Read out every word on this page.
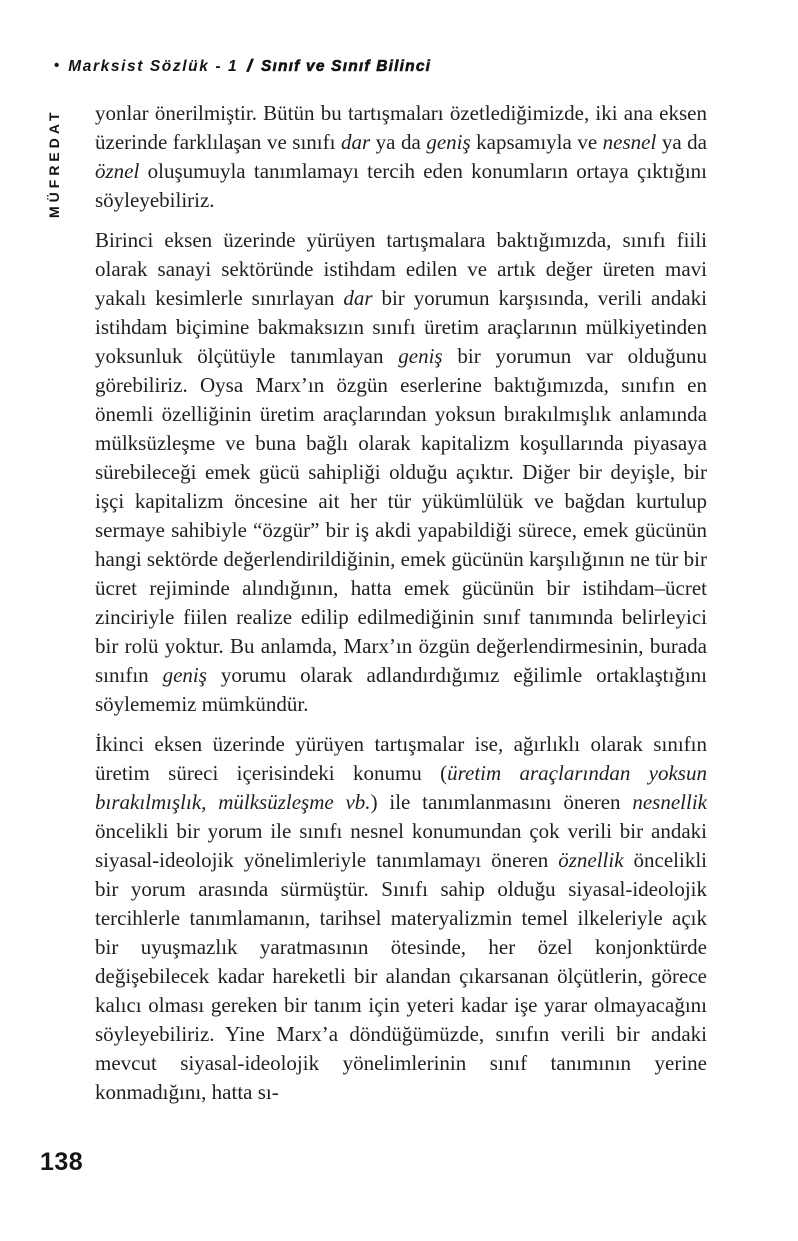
• Marksist Sözlük - 1 / Sınıf ve Sınıf Bilinci
MÜFREDAT yonlar önerilmiştir. Bütün bu tartışmaları özetlediğimizde, iki ana eksen üzerinde farklılaşan ve sınıfı dar ya da geniş kapsamıyla ve nesnel ya da öznel oluşumuyla tanımlamayı tercih eden konumların ortaya çıktığını söyleyebiliriz.

Birinci eksen üzerinde yürüyen tartışmalara baktığımızda, sınıfı fiili olarak sanayi sektöründe istihdam edilen ve artık değer üreten mavi yakalı kesimlerle sınırlayan dar bir yorumun karşısında, verili andaki istihdam biçimine bakmaksızın sınıfı üretim araçlarının mülkiyetinden yoksunluk ölçütüyle tanımlayan geniş bir yorumun var olduğunu görebiliriz. Oysa Marx’ın özgün eserlerine baktığımızda, sınıfın en önemli özelliğinin üretim araçlarından yoksun bırakılmışlık anlamında mülksüzleşme ve buna bağlı olarak kapitalizm koşullarında piyasaya sürebileceği emek gücü sahipliği olduğu açıktır. Diğer bir deyişle, bir işçi kapitalizm öncesine ait her tür yükümlülük ve bağdan kurtulup sermaye sahibiyle “özgür” bir iş akdi yapabildiği sürece, emek gücünün hangi sektörde değerlendirildiğinin, emek gücünün karşılığının ne tür bir ücret rejiminde alındığının, hatta emek gücünün bir istihdam–ücret zinciriyle fiilen realize edilip edilmediğinin sınıf tanımında belirleyici bir rolü yoktur. Bu anlamda, Marx’ın özgün değerlendirmesinin, burada sınıfın geniş yorumu olarak adlandırdığımız eğilimle ortaklaştığını söylememiz mümkündür.

İkinci eksen üzerinde yürüyen tartışmalar ise, ağırlıklı olarak sınıfın üretim süreci içerisindeki konumu (üretim araçlarından yoksun bırakılmışlık, mülksüzleşme vb.) ile tanımlanmasını öneren nesnellik öncelikli bir yorum ile sınıfı nesnel konumundan çok verili bir andaki siyasal-ideolojik yönelimleriyle tanımlamayı öneren öznellik öncelikli bir yorum arasında sürmüştür. Sınıfı sahip olduğu siyasal-ideolojik tercihlerle tanımlamanın, tarihsel materyalizmin temel ilkeleriyle açık bir uyuşmazlık yaratmasının ötesinde, her özel konjonktürde değişebilecek kadar hareketli bir alandan çıkarsanan ölçütlerin, görece kalıcı olması gereken bir tanım için yeteri kadar işe yarar olmayacağını söyleyebiliriz. Yine Marx’a döndüğümüzde, sınıfın verili bir andaki mevcut siyasal-ideolojik yönelimlerinin sınıf tanımının yerine konmadığını, hatta sı-

138
